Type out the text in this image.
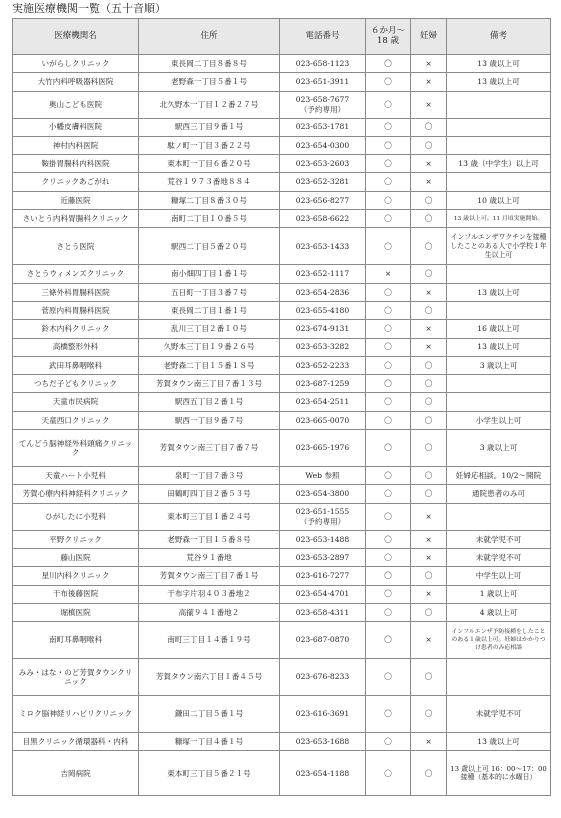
実施医療機関一覧（五十音順）
医療機関名	住所	電話番号	６か月～
18 歳	妊婦	備考
いがらしクリニック	東長岡二丁目８番８号	023-658-1123	〇	×	13 歳以上可
大竹内科呼吸器科医院	老野森一丁目５番１号	023-651-3911	〇	×	13 歳以上可
奥山こども医院	北久野本一丁目１２番２７号	023-658-7677
（予約専用）	〇	×	
小幡皮膚科医院	駅西三丁目９番１号	023-653-1781	〇	〇	
神村内科医院	駄ノ町一丁目３番２２号	023-654-0300	〇	〇	
鞍掛胃腸科内科医院	東本町一丁目６番２０号	023-653-2603	〇	×	13 歳（中学生）以上可
クリニックあごがれ	荒谷１９７３番地８８４	023-652-3281	〇	×	
近藤医院	糠塚二丁目８番３０号	023-656-8277	〇	〇	10 歳以上可
さいとう内科胃腸科クリニック	南町二丁目１０番５号	023-658-6622	〇	〇	13 歳以上可。11 月頃実施開始。
さとう医院	駅西二丁目５番２０号	023-653-1433	〇	〇	インフルエンザワクチンを接種したことのある人で小学校１年生以上可
さとうウィメンズクリニック	南小畑四丁目１番１号	023-652-1117	×	〇	
三條外科胃腸科医院	五日町一丁目３番７号	023-654-2836	〇	×	13 歳以上可
菅原内科胃腸科医院	東長岡二丁目１番１号	023-655-4180	〇	〇	
鈴木内科クリニック	乱川三丁目２番１０号	023-674-9131	〇	×	16 歳以上可
高橋整形外科	久野本三丁目１９番２６号	023-653-3282	〇	×	13 歳以上可
武田耳鼻咽喉科	老野森二丁目１５番１８号	023-652-2233	〇	〇	3 歳以上可
つちだ子どもクリニック	芳賀タウン南三丁目７番１３号	023-687-1259	〇	〇	
天童市民病院	駅西五丁目２番１号	023-654-2511	〇	〇	
天童西口クリニック	駅西一丁目９番７号	023-665-0070	〇	〇	小学生以上可
てんどう脳神経外科頭痛クリニック	芳賀タウン南三丁目７番７号	023-665-1976	〇	〇	3 歳以上可
天童ハート小児科	泉町一丁目７番３号	Web 参照	〇	〇	妊婦応相談。10/2～開院
芳賀心療内科神経科クリニック	田鶴町四丁目２番５３号	023-654-3800	〇	〇	通院患者のみ可
ひがしたに小児科	東本町三丁目１番２４号	023-651-1555
（予約専用）	〇	×	
平野クリニック	老野森一丁目１５番８号	023-653-1488	〇	×	未就学児不可
藤山医院	荒谷９１番地	023-653-2897	〇	×	未就学児不可
星川内科クリニック	芳賀タウン南三丁目７番１号	023-616-7277	〇	〇	中学生以上可
干布後藤医院	干布字片羽４０３番地２	023-654-4701	〇	×	1 歳以上可
堀槙医院	高擶９４１番地２	023-658-4311	〇	〇	4 歳以上可
南町耳鼻咽喉科	南町三丁目１４番１９号	023-687-0870	〇	×	インフルエンザ予防接種をしたことのある１歳以上可。妊婦はかかりつけ患者のみ応相談
みみ・はな・のど芳賀タウンクリニック	芳賀タウン南六丁目１番４５号	023-676-8233	〇	〇	
ミロク脳神経リハビリクリニック	鎌田二丁目５番１号	023-616-3691	〇	〇	未就学児不可
目黒クリニック循環器科・内科	糠塚一丁目４番１号	023-653-1688	〇	×	13 歳以上可
吉岡病院	東本町三丁目５番２１号	023-654-1188	〇	〇	13 歳以上可 16：00～17：00 接種（基本的に水曜日）
